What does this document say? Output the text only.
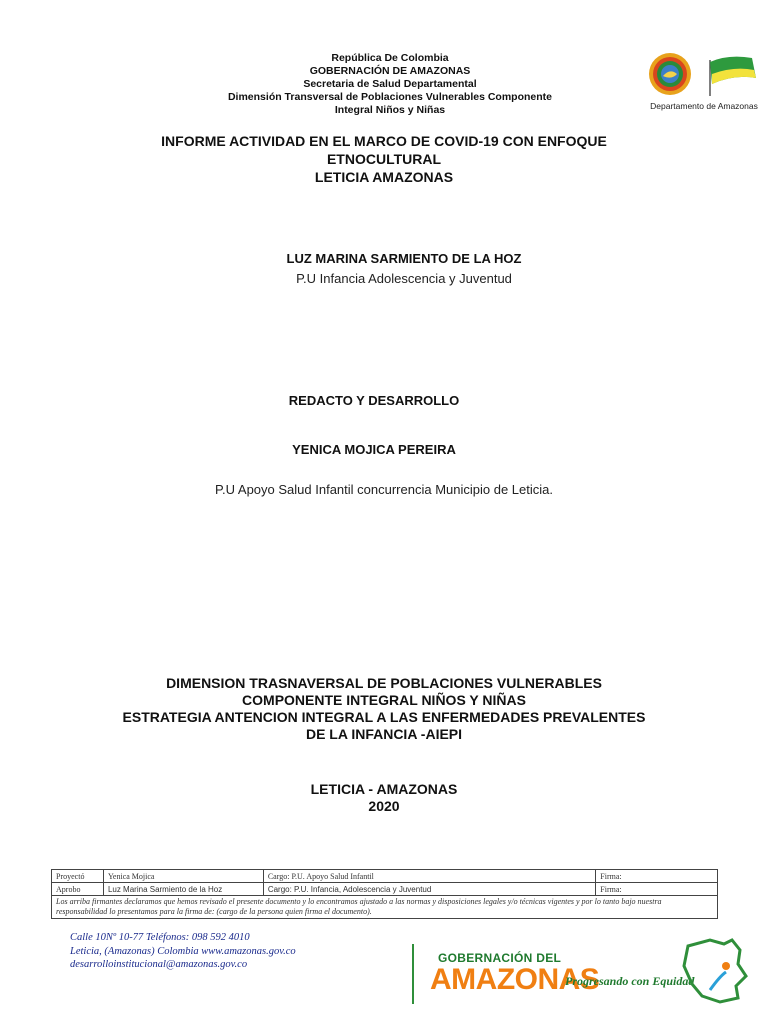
República De Colombia
GOBERNACIÓN DE AMAZONAS
Secretaria de Salud Departamental
Dimensión Transversal de Poblaciones Vulnerables Componente
Integral Niños y Niñas	Departamento de Amazonas
INFORME ACTIVIDAD EN EL MARCO DE COVID-19 CON ENFOQUE
ETNOCULTURAL
LETICIA AMAZONAS
LUZ MARINA SARMIENTO DE LA HOZ
P.U Infancia Adolescencia y Juventud
REDACTO Y DESARROLLO
YENICA MOJICA PEREIRA
P.U Apoyo Salud Infantil concurrencia Municipio de Leticia.
DIMENSION TRASNAVERSAL DE POBLACIONES VULNERABLES
COMPONENTE INTEGRAL NIÑOS Y NIÑAS
ESTRATEGIA ANTENCION INTEGRAL A LAS ENFERMEDADES PREVALENTES
DE LA INFANCIA -AIEPI
LETICIA - AMAZONAS
2020
Proyectó	Yenica Mojica	Cargo: P.U. Apoyo Salud Infantil	Firma:
Aprobo	Luz Marina Sarmiento de la Hoz	Cargo: P.U. Infancia, Adolescencia y Juventud	Firma:
Los arriba firmantes declaramos que hemos revisado el presente documento y lo encontramos ajustado a las normas y disposiciones legales y/o técnicas vigentes y por lo tanto bajo nuestra responsabilidad lo presentamos para la firma de: (cargo de la persona quien firma el documento).			
Calle 10Nº 10-77 Teléfonos: 098 592 4010
Leticia, (Amazonas) Colombia www.amazonas.gov.co
desarrolloinstitucional@amazonas.gov.co	GOBERNACIÓN DEL
AMAZONAS
Progresando con Equidad
